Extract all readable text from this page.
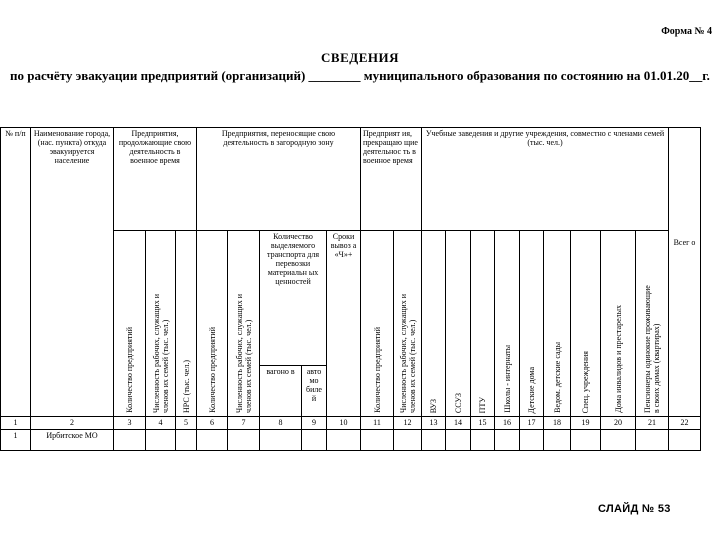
Форма № 4
СВЕДЕНИЯ
по расчёту эвакуации предприятий (организаций) ________ муниципального образования по состоянию на 01.01.20__г.
№ п/п	Наименование города, (нас. пункта) откуда эвакуируется население	Предприятия, продолжающие свою деятельность в военное время			Предприятия, переносящие свою деятельность в загородную зону					Предприят ия, прекращаю щие деятельнос ть в военное время		Учебные заведения и другие учреждения, совместно с членами семей (тыс. чел.)									Всег о

		Количество предприятий	Численность рабочих, служащих и членов их семей (тыс. чел.)	НРС (тыс. чел.)	Количество предприятий	Численность рабочих, служащих и членов их семей (тыс. чел.)	Количество выделяемого транспорта для перевозки материальн ых ценностей		Сроки вывоз а «Ч»+	Количество предприятий	Численность рабочих, служащих и членов их семей (тыс. чел.)	ВУЗ	ССУЗ	ПТУ	Школы - интернаты	Детские дома	Ведом. детские сады	Спец. учреждения	Дома инвалидов и престарелых	Пенсионеры одинокие проживающие в своих домах (квартирах)	

							вагоно в	авто мо биле й													
1	2	3	4	5	6	7	8	9	10	11	12	13	14	15	16	17	18	19	20	21	22
1	Ирбитское МО																				
СЛАЙД № 53
